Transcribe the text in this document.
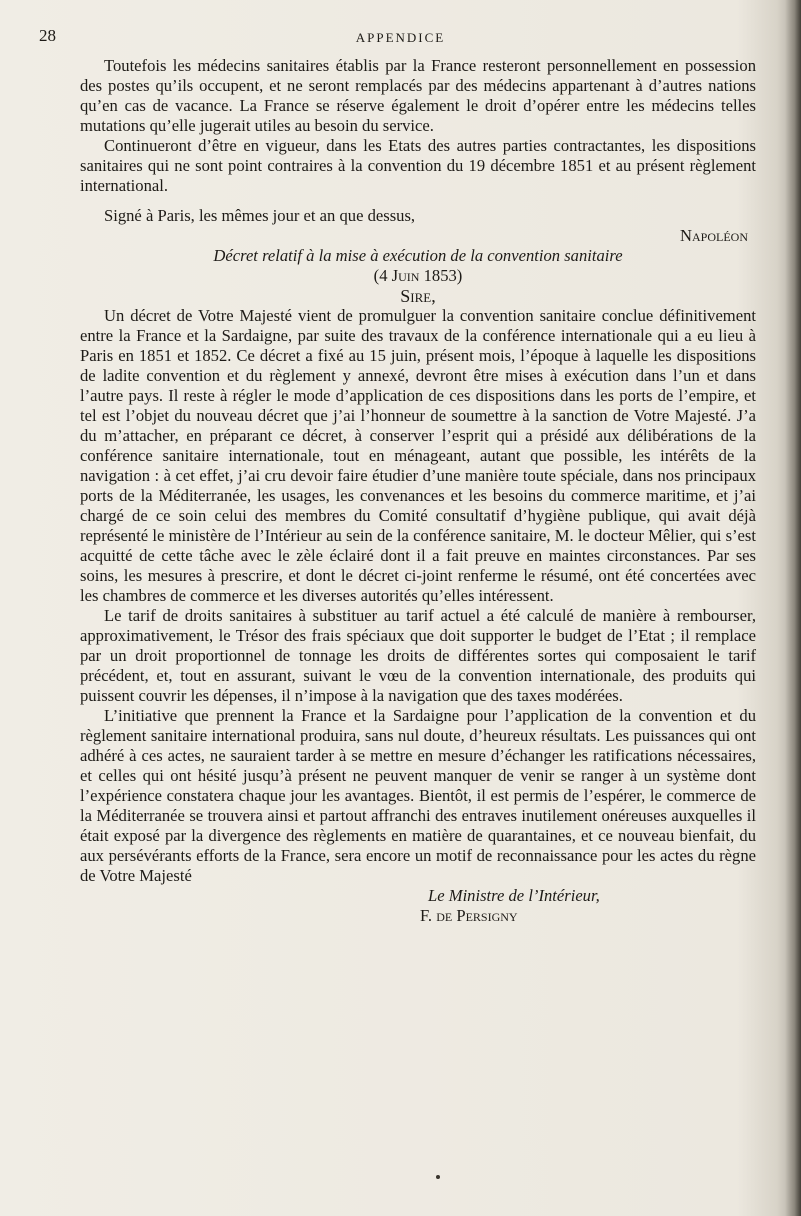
28	APPENDICE

Toutefois les médecins sanitaires établis par la France resteront personnellement en possession des postes qu’ils occupent, et ne seront remplacés par des médecins appartenant à d’autres nations qu’en cas de vacance. La France se réserve également le droit d’opérer entre les médecins telles mutations qu’elle jugerait utiles au besoin du service.

Continueront d’être en vigueur, dans les Etats des autres parties contractantes, les dispositions sanitaires qui ne sont point contraires à la convention du 19 décembre 1851 et au présent règlement international.

Signé à Paris, les mêmes jour et an que dessus,

Napoléon

Décret relatif à la mise à exécution de la convention sanitaire

(4 Juin 1853)

Sire,

Un décret de Votre Majesté vient de promulguer la convention sanitaire conclue définitivement entre la France et la Sardaigne, par suite des travaux de la conférence internationale qui a eu lieu à Paris en 1851 et 1852. Ce décret a fixé au 15 juin, présent mois, l’époque à laquelle les dispositions de ladite convention et du règlement y annexé, devront être mises à exécution dans l’un et dans l’autre pays. Il reste à régler le mode d’application de ces dispositions dans les ports de l’empire, et tel est l’objet du nouveau décret que j’ai l’honneur de soumettre à la sanction de Votre Majesté. J’a du m’attacher, en préparant ce décret, à conserver l’esprit qui a présidé aux délibérations de la conférence sanitaire internationale, tout en ménageant, autant que possible, les intérêts de la navigation : à cet effet, j’ai cru devoir faire étudier d’une manière toute spéciale, dans nos principaux ports de la Méditerranée, les usages, les convenances et les besoins du commerce maritime, et j’ai chargé de ce soin celui des membres du Comité consultatif d’hygiène publique, qui avait déjà représenté le ministère de l’Intérieur au sein de la conférence sanitaire, M. le docteur Mêlier, qui s’est acquitté de cette tâche avec le zèle éclairé dont il a fait preuve en maintes circonstances. Par ses soins, les mesures à prescrire, et dont le décret ci-joint renferme le résumé, ont été concertées avec les chambres de commerce et les diverses autorités qu’elles intéressent.

Le tarif de droits sanitaires à substituer au tarif actuel a été calculé de manière à rembourser, approximativement, le Trésor des frais spéciaux que doit supporter le budget de l’Etat ; il remplace par un droit proportionnel de tonnage les droits de différentes sortes qui composaient le tarif précédent, et, tout en assurant, suivant le vœu de la convention internationale, des produits qui puissent couvrir les dépenses, il n’impose à la navigation que des taxes modérées.

L’initiative que prennent la France et la Sardaigne pour l’application de la convention et du règlement sanitaire international produira, sans nul doute, d’heureux résultats. Les puissances qui ont adhéré à ces actes, ne sauraient tarder à se mettre en mesure d’échanger les ratifications nécessaires, et celles qui ont hésité jusqu’à présent ne peuvent manquer de venir se ranger à un système dont l’expérience constatera chaque jour les avantages. Bientôt, il est permis de l’espérer, le commerce de la Méditerranée se trouvera ainsi et partout affranchi des entraves inutilement onéreuses auxquelles il était exposé par la divergence des règlements en matière de quarantaines, et ce nouveau bienfait, du aux persévérants efforts de la France, sera encore un motif de reconnaissance pour les actes du règne de Votre Majesté

Le Ministre de l’Intérieur,

F. de Persigny
